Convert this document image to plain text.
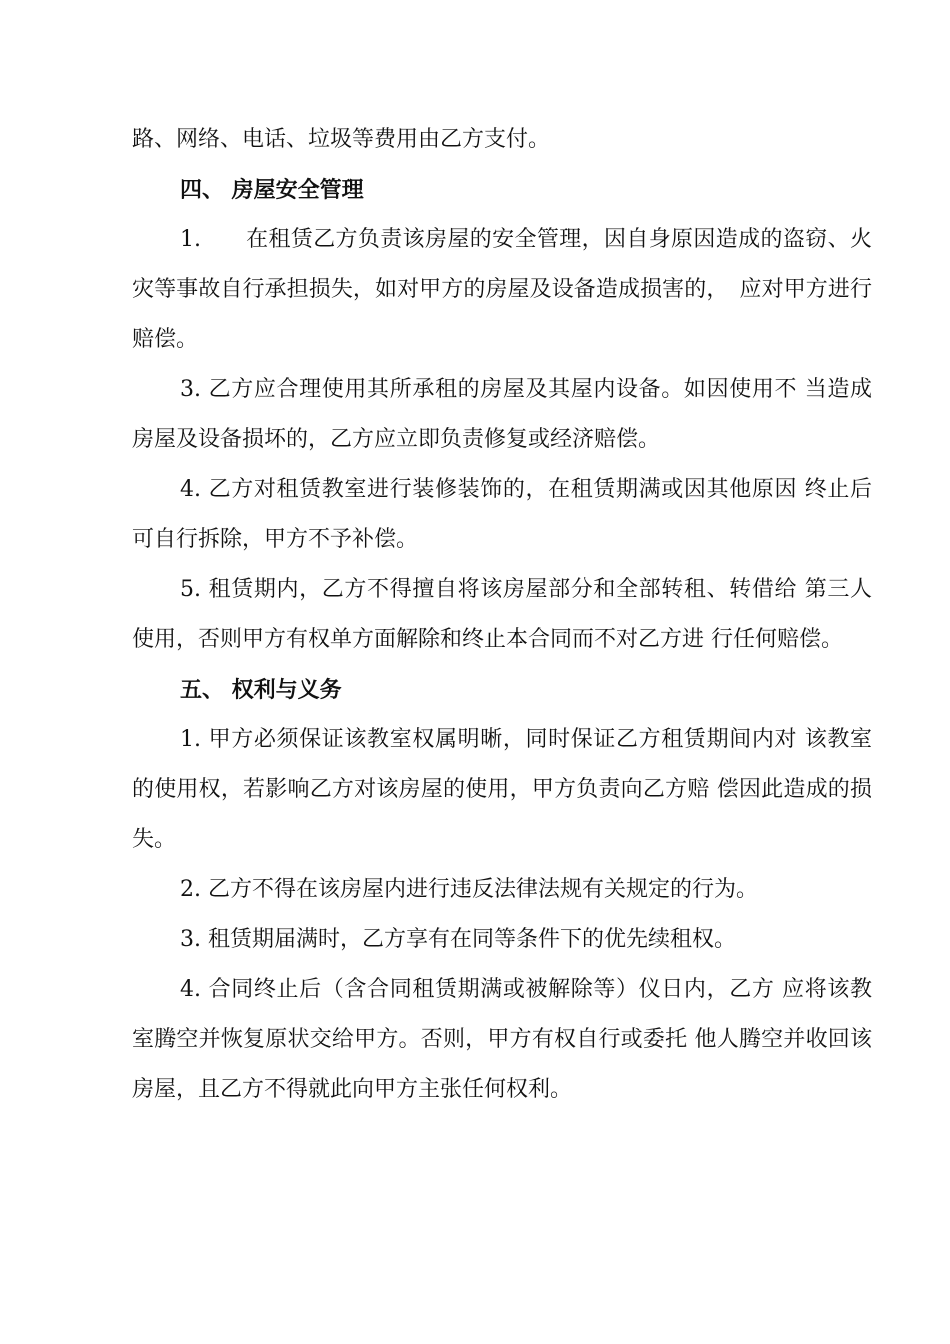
路、网络、电话、垃圾等费用由乙方支付。

四、 房屋安全管理

1.　　在租赁乙方负责该房屋的安全管理，因自身原因造成的盗窃、火灾等事故自行承担损失，如对甲方的房屋及设备造成损害的，　应对甲方进行赔偿。

3. 乙方应合理使用其所承租的房屋及其屋内设备。如因使用不 当造成房屋及设备损坏的，乙方应立即负责修复或经济赔偿。

4. 乙方对租赁教室进行装修装饰的，在租赁期满或因其他原因 终止后可自行拆除，甲方不予补偿。

5. 租赁期内，乙方不得擅自将该房屋部分和全部转租、转借给 第三人使用，否则甲方有权单方面解除和终止本合同而不对乙方进 行任何赔偿。

五、 权利与义务

1. 甲方必须保证该教室权属明晰，同时保证乙方租赁期间内对 该教室的使用权，若影响乙方对该房屋的使用，甲方负责向乙方赔 偿因此造成的损失。

2. 乙方不得在该房屋内进行违反法律法规有关规定的行为。

3. 租赁期届满时，乙方享有在同等条件下的优先续租权。

4. 合同终止后（含合同租赁期满或被解除等）仪日内，乙方 应将该教室腾空并恢复原状交给甲方。否则，甲方有权自行或委托 他人腾空并收回该房屋，且乙方不得就此向甲方主张任何权利。
